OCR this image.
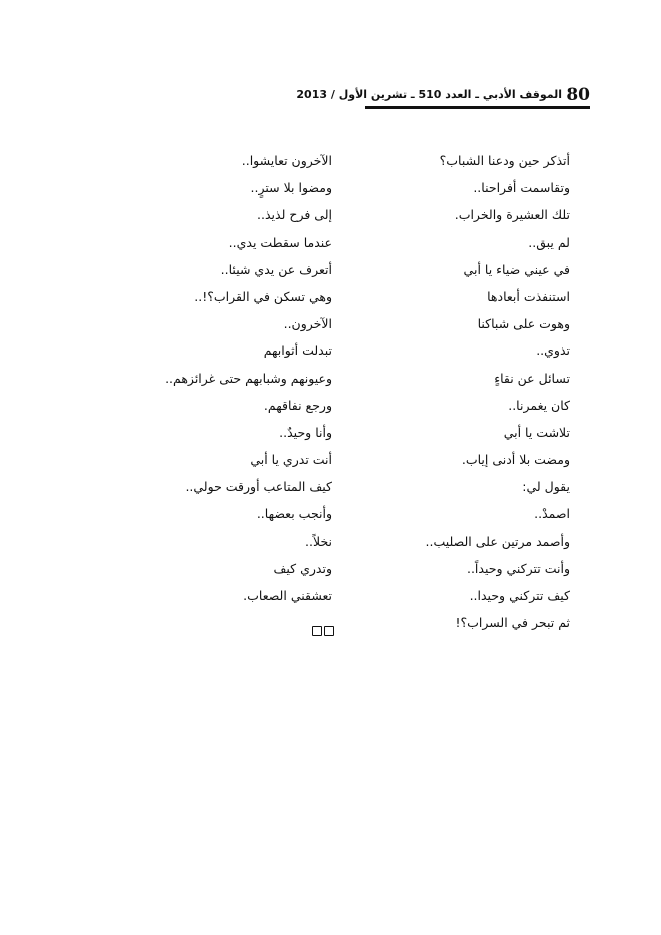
80
الموقف الأدبي ـ العدد 510 ـ تشرين الأول / 2013
أتذكر حين ودعنا الشباب؟
وتقاسمت أفراحنا..
تلك العشيرة والخراب.
لم يبق..
في عيني ضياء يا أبي
استنفذت أبعادها
وهوت على شباكنا
تذوي..
تسائل عن نقاءٍ
كان يغمرنا..
تلاشت يا أبي
ومضت بلا أدنى إياب.
يقول لي:
اصمدْ..
وأصمد مرتين على الصليب..
وأنت تتركني وحيداً..
كيف تتركني وحيدا..
ثم تبحر في السراب؟!
الآخرون تعايشوا..
ومضوا بلا سترٍ..
إلى فرح لذيذ..
عندما سقطت يدي..
أتعرف عن يدي شيئا..
وهي تسكن في القراب؟!..
الآخرون..
تبدلت أثوابهم
وعيونهم وشبابهم حتى غرائزهم..
ورجع نفاقهم.
وأنا وحيدٌ..
أنت تدري يا أبي
كيف المتاعب أورقت حولي..
وأنجب بعضها..
نخلاً..
وتدري كيف
تعشقني الصعاب.
